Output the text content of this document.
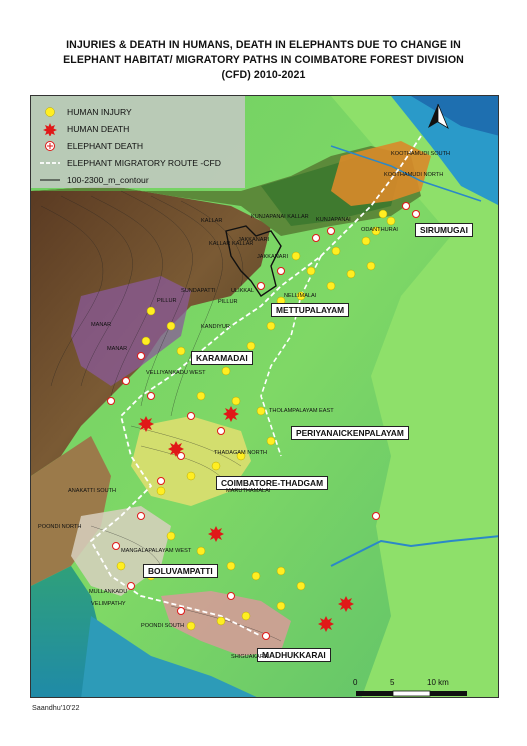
INJURIES & DEATH IN HUMANS, DEATH IN ELEPHANTS DUE TO CHANGE IN
ELEPHANT HABITAT/ MIGRATORY PATHS IN COIMBATORE FOREST DIVISION
(CFD) 2010-2021
SIRUMUGAI
METTUPALAYAM
KARAMADAI
PERIYANAICKENPALAYAM
COIMBATORE-THADGAM
BOLUVAMPATTI
MADHUKKARAI
KOOTHAMUDI SOUTH
KOOTHAMUDI NORTH
KUNJAPANAI KALLAR
KALLAR	KUNJAPANAI
ODANTHURAI
JAKKANARI
KALLAR KALLAR
JAKKANARI
ULIKKAL
SUNDAPATTI
NELLIMALAI
PILLUR	PILLUR
KANDIYUR
MANAR
MANAR
VELLIYANKADU WEST
THOLAMPALAYAM EAST
THADAGAM NORTH
ANAKATTI SOUTH	MARUTHAMALAI
POONDI NORTH
MANGALAPALAYAM WEST
MULLANKADU
VELIMPATHY
POONDI SOUTH
SHIGUAKARAI
0	5	10 km
HUMAN INJURY
HUMAN DEATH
ELEPHANT DEATH
ELEPHANT MIGRATORY ROUTE -CFD
100-2300_m_contour
Saandhu'10'22
